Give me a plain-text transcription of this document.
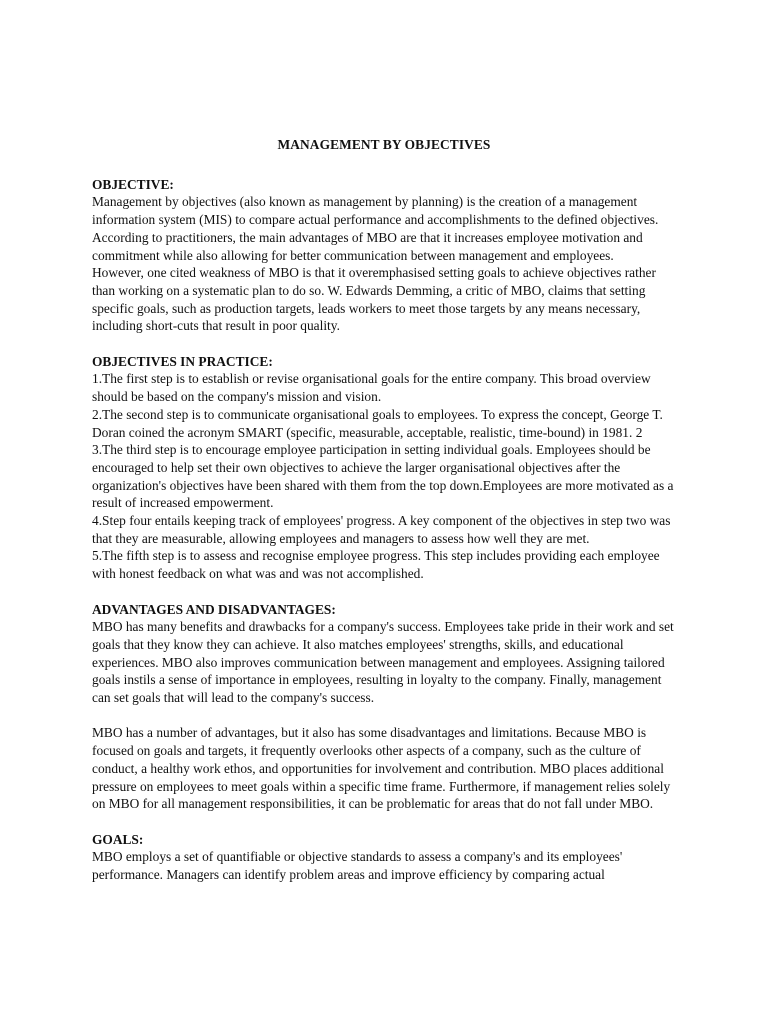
MANAGEMENT BY OBJECTIVES
OBJECTIVE:

Management by objectives (also known as management by planning) is the creation of a management information system (MIS) to compare actual performance and accomplishments to the defined objectives. According to practitioners, the main advantages of MBO are that it increases employee motivation and commitment while also allowing for better communication between management and employees.

However, one cited weakness of MBO is that it overemphasised setting goals to achieve objectives rather than working on a systematic plan to do so. W. Edwards Demming, a critic of MBO, claims that setting specific goals, such as production targets, leads workers to meet those targets by any means necessary, including short-cuts that result in poor quality.

OBJECTIVES IN PRACTICE:

1.The first step is to establish or revise organisational goals for the entire company. This broad overview should be based on the company's mission and vision.

2.The second step is to communicate organisational goals to employees. To express the concept, George T. Doran coined the acronym SMART (specific, measurable, acceptable, realistic, time-bound) in 1981. 2 3.The third step is to encourage employee participation in setting individual goals. Employees should be encouraged to help set their own objectives to achieve the larger organisational objectives after the organization's objectives have been shared with them from the top down.Employees are more motivated as a result of increased empowerment.

4.Step four entails keeping track of employees' progress. A key component of the objectives in step two was that they are measurable, allowing employees and managers to assess how well they are met.

5.The fifth step is to assess and recognise employee progress. This step includes providing each employee with honest feedback on what was and was not accomplished.

ADVANTAGES AND DISADVANTAGES:

MBO has many benefits and drawbacks for a company's success. Employees take pride in their work and set goals that they know they can achieve. It also matches employees' strengths, skills, and educational experiences. MBO also improves communication between management and employees. Assigning tailored goals instils a sense of importance in employees, resulting in loyalty to the company. Finally, management can set goals that will lead to the company's success.

MBO has a number of advantages, but it also has some disadvantages and limitations. Because MBO is focused on goals and targets, it frequently overlooks other aspects of a company, such as the culture of conduct, a healthy work ethos, and opportunities for involvement and contribution. MBO places additional pressure on employees to meet goals within a specific time frame. Furthermore, if management relies solely on MBO for all management responsibilities, it can be problematic for areas that do not fall under MBO.

GOALS:

MBO employs a set of quantifiable or objective standards to assess a company's and its employees' performance. Managers can identify problem areas and improve efficiency by comparing actual
